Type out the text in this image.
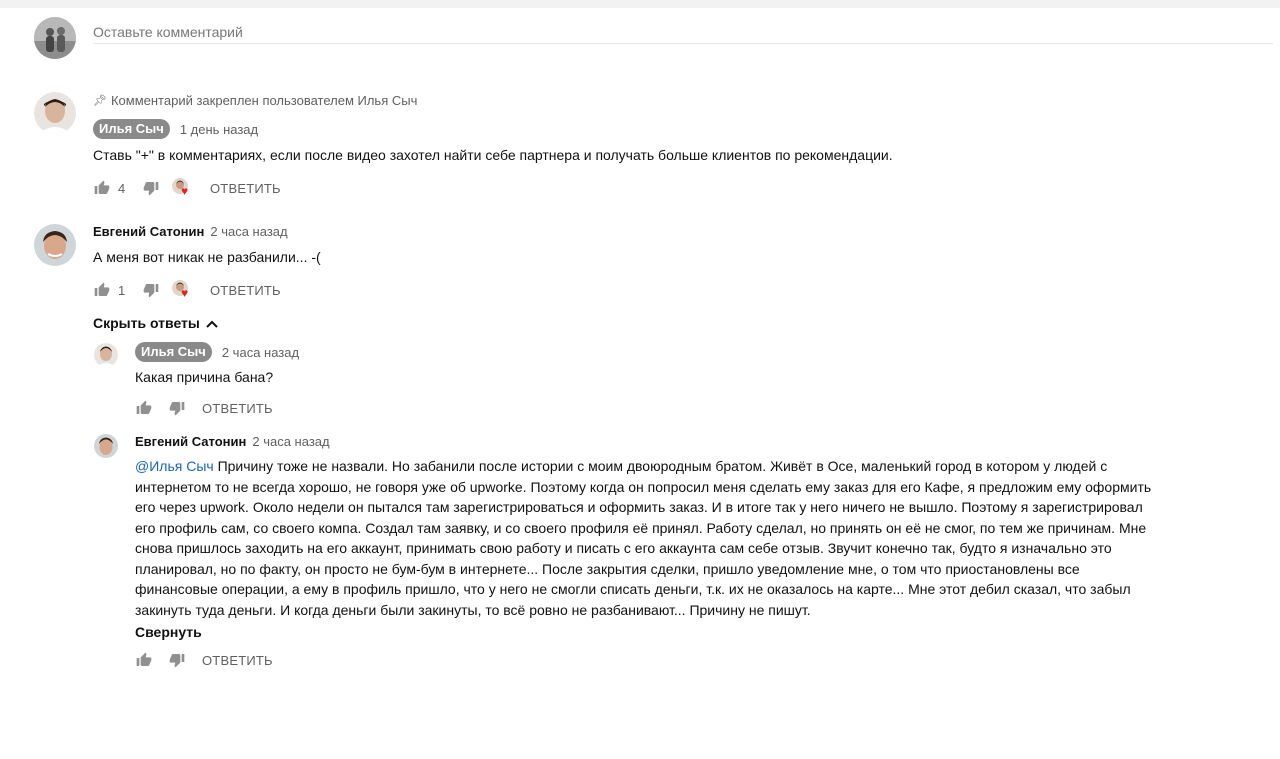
Оставьте комментарий
📌︎ Комментарий закреплен пользователем Илья Сыч
Илья Сыч	1 день назад
Ставь "+" в комментариях, если после видео захотел найти себе партнера и получать больше клиентов по рекомендации.
4	♥ ОТВЕТИТЬ
Евгений Сатонин 2 часа назад
А меня вот никак не разбанили... -(
1	♥ ОТВЕТИТЬ
Скрыть ответы
Илья Сыч	2 часа назад
Какая причина бана?
ОТВЕТИТЬ
Евгений Сатонин 2 часа назад
@Илья Сыч Причину тоже не назвали. Но забанили после истории с моим двоюродным братом. Живёт в Осе, маленький город в котором у людей с
интернетом то не всегда хорошо, не говоря уже об upworke. Поэтому когда он попросил меня сделать ему заказ для его Кафе, я предложим ему оформить
его через upwork. Около недели он пытался там зарегистрироваться и оформить заказ. И в итоге так у него ничего не вышло. Поэтому я зарегистрировал
его профиль сам, со своего компа. Создал там заявку, и со своего профиля её принял. Работу сделал, но принять он её не смог, по тем же причинам. Мне
снова пришлось заходить на его аккаунт, принимать свою работу и писать с его аккаунта сам себе отзыв. Звучит конечно так, будто я изначально это
планировал, но по факту, он просто не бум-бум в интернете... После закрытия сделки, пришло уведомление мне, о том что приостановлены все
финансовые операции, а ему в профиль пришло, что у него не смогли списать деньги, т.к. их не оказалось на карте... Мне этот дебил сказал, что забыл
закинуть туда деньги. И когда деньги были закинуты, то всё ровно не разбанивают... Причину не пишут.
Свернуть
ОТВЕТИТЬ
